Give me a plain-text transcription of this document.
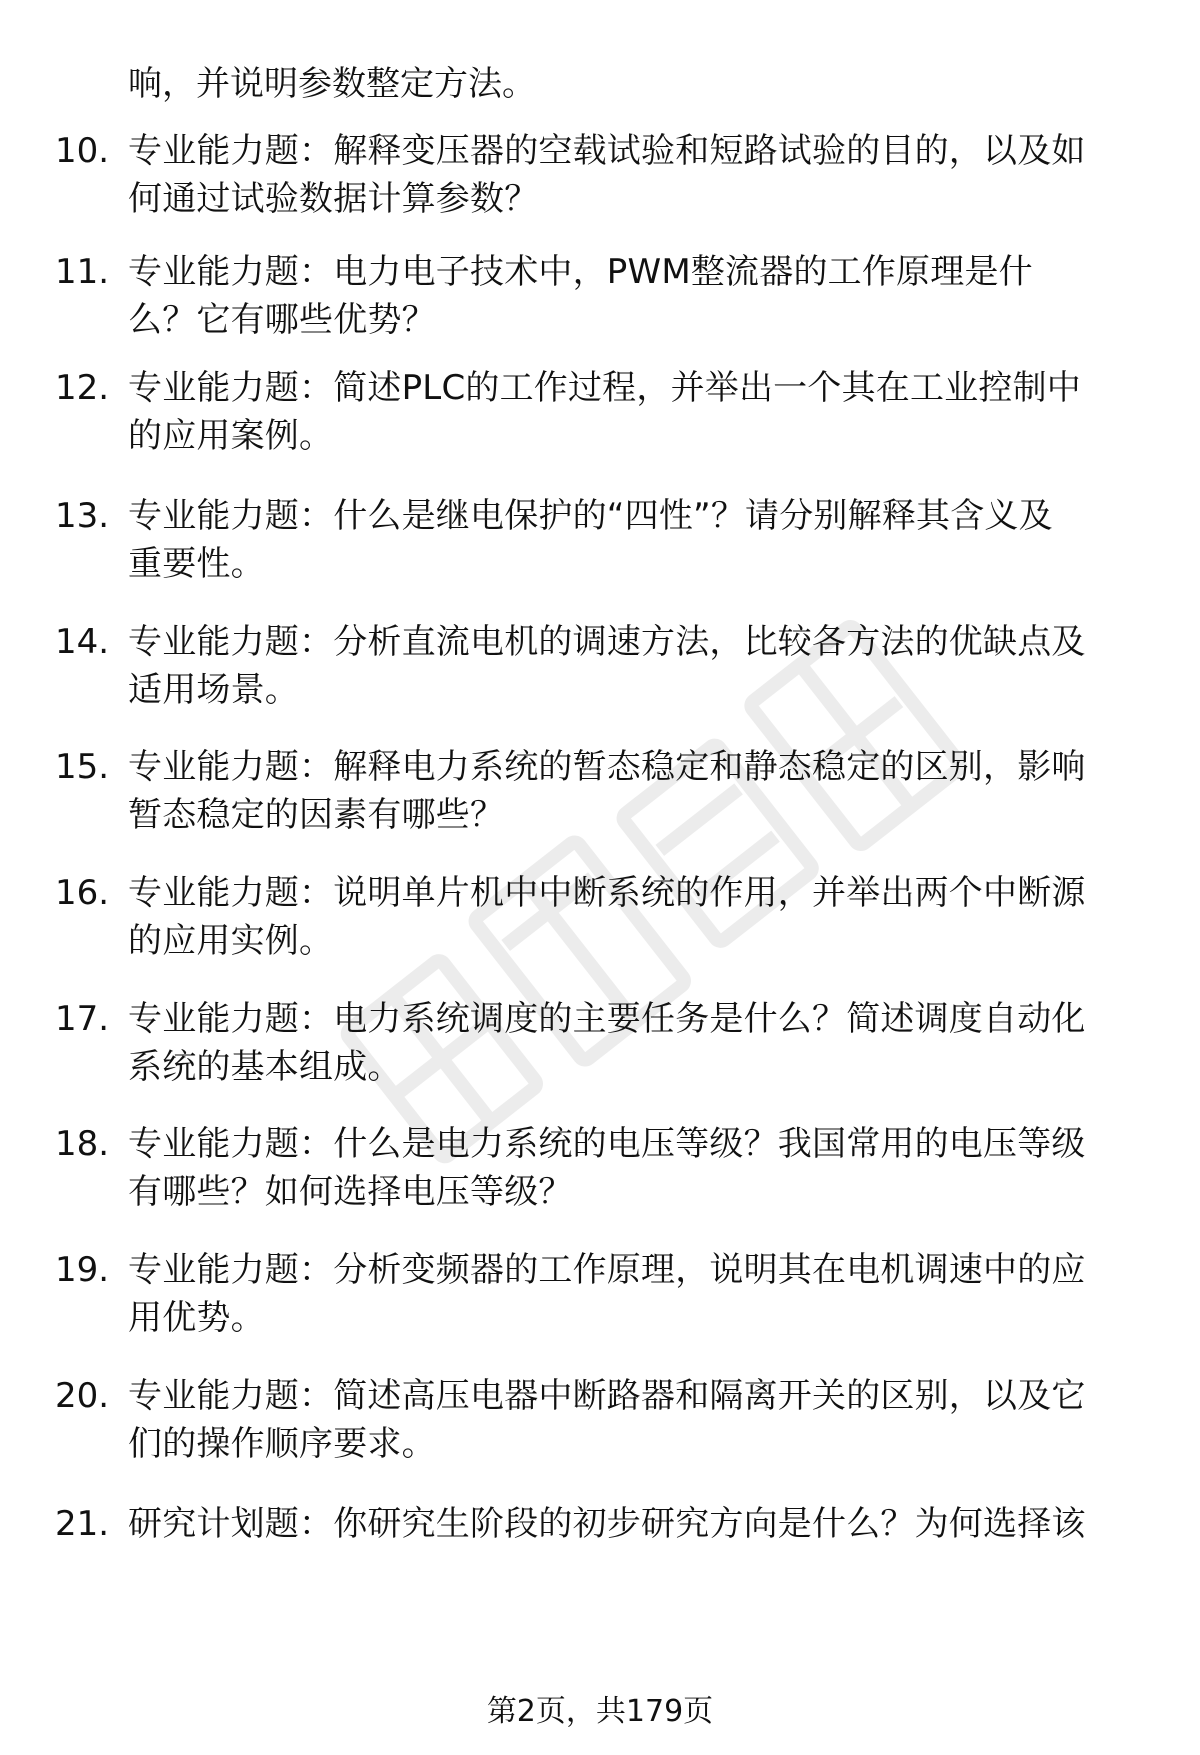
响，并说明参数整定方法。
10. 专业能力题：解释变压器的空载试验和短路试验的目的，以及如
何通过试验数据计算参数？
11. 专业能力题：电力电子技术中，PWM整流器的工作原理是什
么？它有哪些优势？
12. 专业能力题：简述PLC的工作过程，并举出一个其在工业控制中
的应用案例。
13. 专业能力题：什么是继电保护的“四性”？请分别解释其含义及
重要性。
14. 专业能力题：分析直流电机的调速方法，比较各方法的优缺点及
适用场景。
15. 专业能力题：解释电力系统的暂态稳定和静态稳定的区别，影响
暂态稳定的因素有哪些？
16. 专业能力题：说明单片机中中断系统的作用，并举出两个中断源
的应用实例。
17. 专业能力题：电力系统调度的主要任务是什么？简述调度自动化
系统的基本组成。
18. 专业能力题：什么是电力系统的电压等级？我国常用的电压等级
有哪些？如何选择电压等级？
19. 专业能力题：分析变频器的工作原理，说明其在电机调速中的应
用优势。
20. 专业能力题：简述高压电器中断路器和隔离开关的区别，以及它
们的操作顺序要求。
21. 研究计划题：你研究生阶段的初步研究方向是什么？为何选择该
第2页，共179页
